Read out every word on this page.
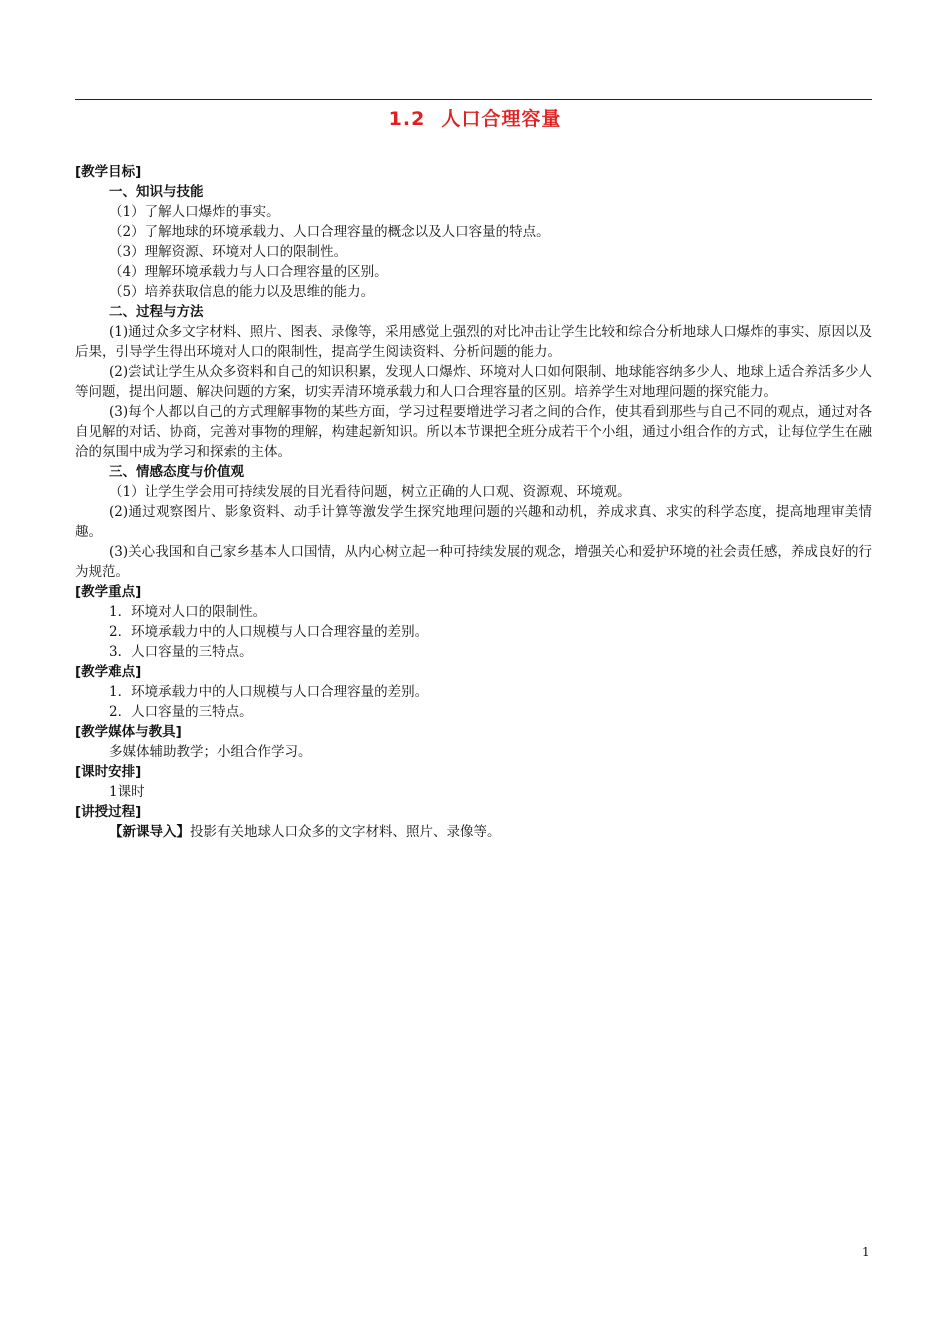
1.2 人口合理容量

[教学目标]

一、知识与技能

（1）了解人口爆炸的事实。

（2）了解地球的环境承载力、人口合理容量的概念以及人口容量的特点。

（3）理解资源、环境对人口的限制性。

（4）理解环境承载力与人口合理容量的区别。

（5）培养获取信息的能力以及思维的能力。

二、过程与方法

(1)通过众多文字材料、照片、图表、录像等，采用感觉上强烈的对比冲击让学生比较和综合分析地球人口爆炸的事实、原因以及后果，引导学生得出环境对人口的限制性，提高学生阅读资料、分析问题的能力。

(2)尝试让学生从众多资料和自己的知识积累，发现人口爆炸、环境对人口如何限制、地球能容纳多少人、地球上适合养活多少人等问题，提出问题、解决问题的方案，切实弄清环境承载力和人口合理容量的区别。培养学生对地理问题的探究能力。

(3)每个人都以自己的方式理解事物的某些方面，学习过程要增进学习者之间的合作，使其看到那些与自己不同的观点，通过对各自见解的对话、协商，完善对事物的理解，构建起新知识。所以本节课把全班分成若干个小组，通过小组合作的方式，让每位学生在融洽的氛围中成为学习和探索的主体。

三、情感态度与价值观

（1）让学生学会用可持续发展的目光看待问题，树立正确的人口观、资源观、环境观。

(2)通过观察图片、影象资料、动手计算等激发学生探究地理问题的兴趣和动机，养成求真、求实的科学态度，提高地理审美情趣。

(3)关心我国和自己家乡基本人口国情，从内心树立起一种可持续发展的观念，增强关心和爱护环境的社会责任感，养成良好的行为规范。

[教学重点]

1．环境对人口的限制性。

2．环境承载力中的人口规模与人口合理容量的差别。

3．人口容量的三特点。

[教学难点]

1．环境承载力中的人口规模与人口合理容量的差别。

2．人口容量的三特点。

[教学媒体与教具]

多媒体辅助教学；小组合作学习。

[课时安排]

1课时

[讲授过程]

【新课导入】投影有关地球人口众多的文字材料、照片、录像等。

1
